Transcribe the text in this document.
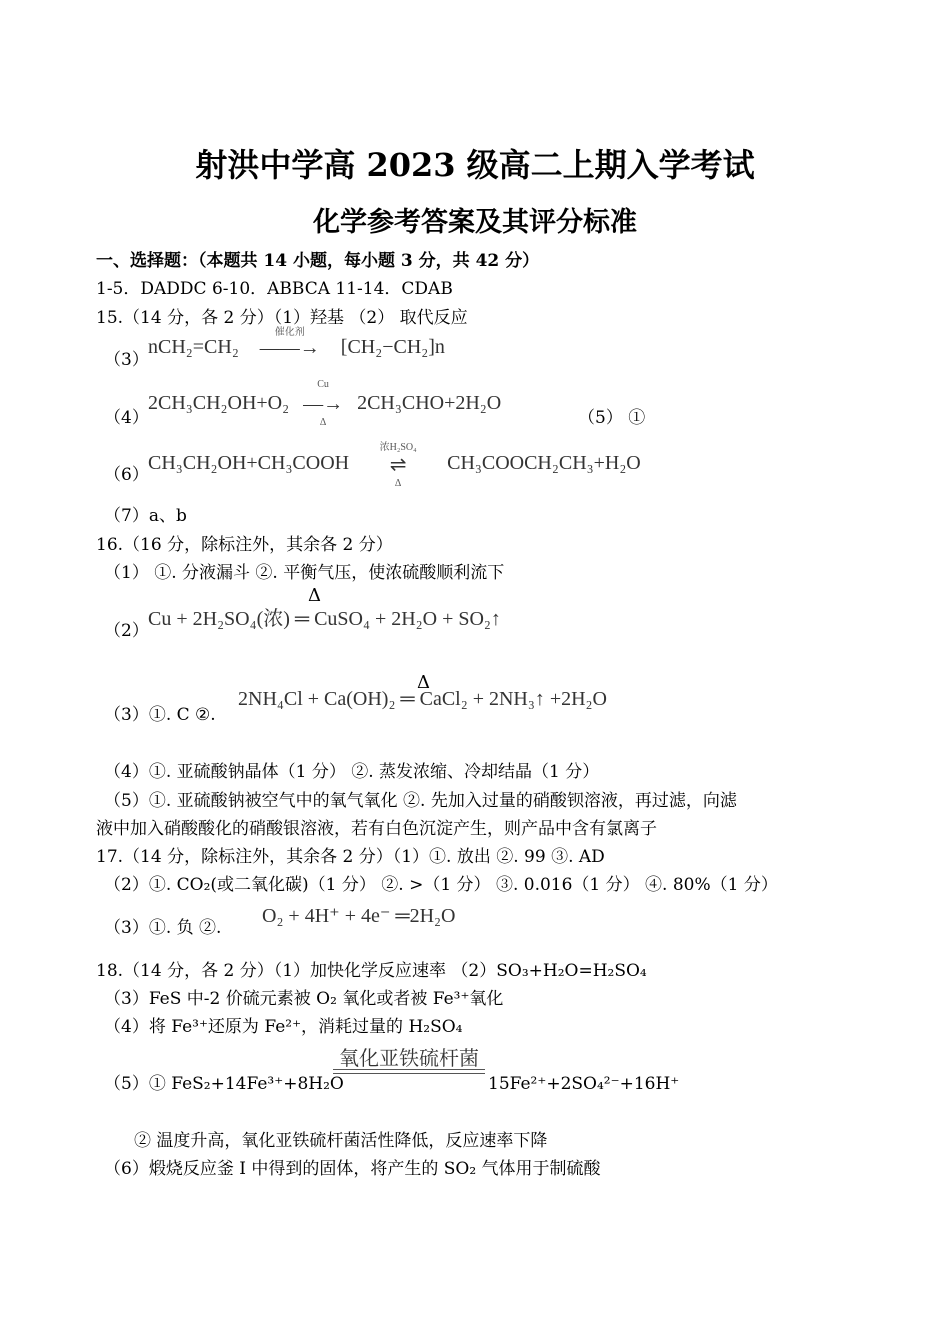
射洪中学高 2023 级高二上期入学考试
化学参考答案及其评分标准
一、选择题：（本题共 14 小题，每小题 3 分，共 42 分）
1-5．DADDC 6-10．ABBCA 11-14．CDAB
15.（14 分，各 2 分）（1）羟基 （2） 取代反应
（3）
nCH₂=CH₂
催化剂
——→ [CH₂−CH₂]n
（4）
2CH₃CH₂OH+O₂
Cu
—→
Δ
2CH₃CHO+2H₂O
（5） ①
（6）
CH₃CH₂OH+CH₃COOH
浓H₂SO₄
⇌
Δ
CH₃COOCH₂CH₃+H₂O
（7）a、b
16.（16 分，除标注外，其余各 2 分）
（1） ①. 分液漏斗 ②. 平衡气压，使浓硫酸顺利流下
（2）
Δ
Cu + 2H₂SO₄(浓) ═ CuSO₄ + 2H₂O + SO₂↑
（3）①. C ②.
Δ
2NH₄Cl + Ca(OH)₂ ═ CaCl₂ + 2NH₃↑ +2H₂O
（4）①. 亚硫酸钠晶体（1 分） ②. 蒸发浓缩、冷却结晶（1 分）
（5）①. 亚硫酸钠被空气中的氧气氧化 ②. 先加入过量的硝酸钡溶液，再过滤，向滤
液中加入硝酸酸化的硝酸银溶液，若有白色沉淀产生，则产品中含有氯离子
17.（14 分，除标注外，其余各 2 分）（1）①. 放出 ②. 99 ③. AD
（2）①. CO₂(或二氧化碳)（1 分） ②. >（1 分） ③. 0.016（1 分） ④. 80%（1 分）
（3）①. 负 ②.
O₂ + 4H⁺ + 4e⁻ ═2H₂O
18.（14 分，各 2 分）（1）加快化学反应速率 （2）SO₃+H₂O=H₂SO₄
（3）FeS 中-2 价硫元素被 O₂ 氧化或者被 Fe³⁺氧化
（4）将 Fe³⁺还原为 Fe²⁺，消耗过量的 H₂SO₄
（5）① FeS₂+14Fe³⁺+8H₂O
氧化亚铁硫杆菌
15Fe²⁺+2SO₄²⁻+16H⁺
② 温度升高，氧化亚铁硫杆菌活性降低，反应速率下降
（6）煅烧反应釜 I 中得到的固体，将产生的 SO₂ 气体用于制硫酸
